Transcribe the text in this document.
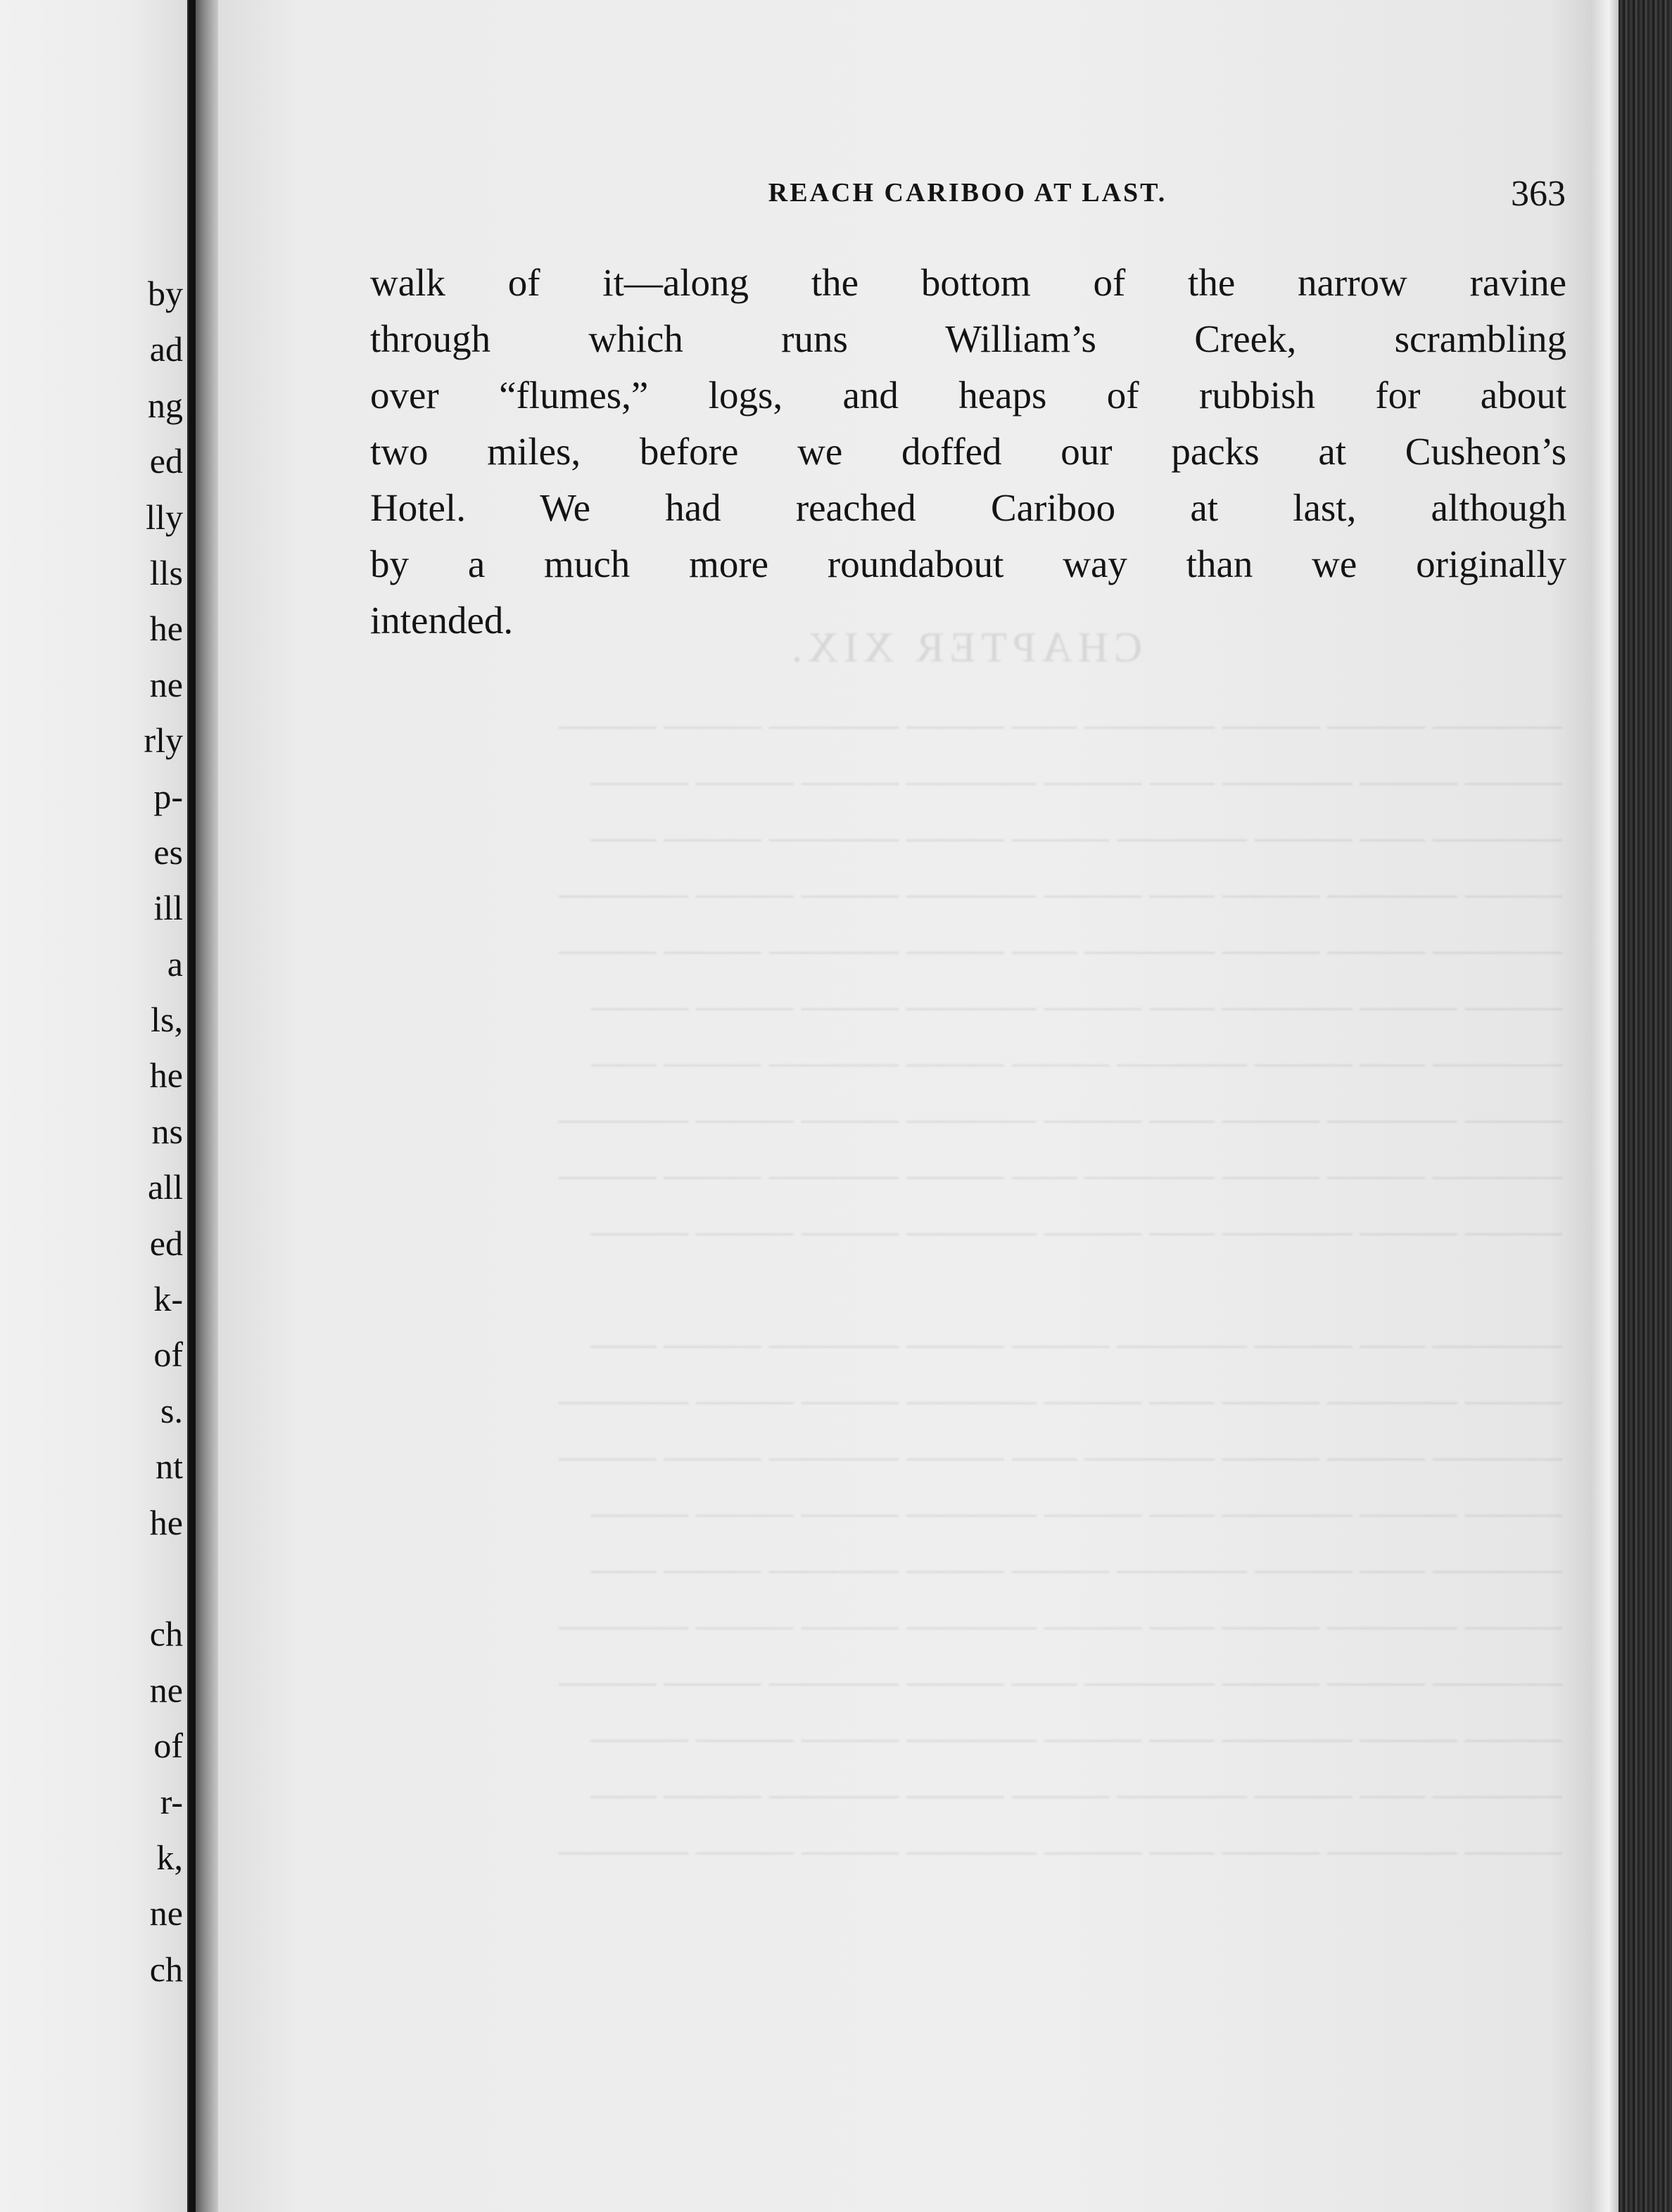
by
ad
ng
ed
lly
lls
he
ne
rly
p-
es
ill
a
ls,
he
ns
all
ed
k-
of
s.
nt
he
ch
ne
of
r-
k,
ne
ch
CHAPTER XIX.
———— ——— ——— ———— —— ——— ———— ——— ———
——— ——— ———— —— ——— ———— ——— ——— ———
———— —— ——— ———— ——— ——— ———— ——— ——
——— ———— ——— —— ——— ———— ——— ——— ————
———— ——— ——— ———— —— ——— ———— ——— ———
——— ——— ———— —— ——— ———— ——— ——— ———
———— —— ——— ———— ——— ——— ———— ——— ——
——— ———— ——— —— ——— ———— ——— ——— ————
———— ——— ——— ———— —— ——— ———— ——— ———
——— ——— ———— —— ——— ———— ——— ——— ———

———— —— ——— ———— ——— ——— ———— ——— ——
——— ———— ——— —— ——— ———— ——— ——— ————
———— ——— ——— ———— —— ——— ———— ——— ———
——— ——— ———— —— ——— ———— ——— ——— ———
———— —— ——— ———— ——— ——— ———— ——— ——
——— ———— ——— —— ——— ———— ——— ——— ————
———— ——— ——— ———— —— ——— ———— ——— ———
——— ——— ———— —— ——— ———— ——— ——— ———
———— —— ——— ———— ——— ——— ———— ——— ——
——— ———— ——— —— ——— ———— ——— ——— ————
REACH CARIBOO AT LAST.	363
walk of it—along the bottom of the narrow ravine
through which runs William’s Creek, scrambling
over “flumes,” logs, and heaps of rubbish for about
two miles, before we doffed our packs at Cusheon’s
Hotel. We had reached Cariboo at last, although
by a much more roundabout way than we originally
intended.
